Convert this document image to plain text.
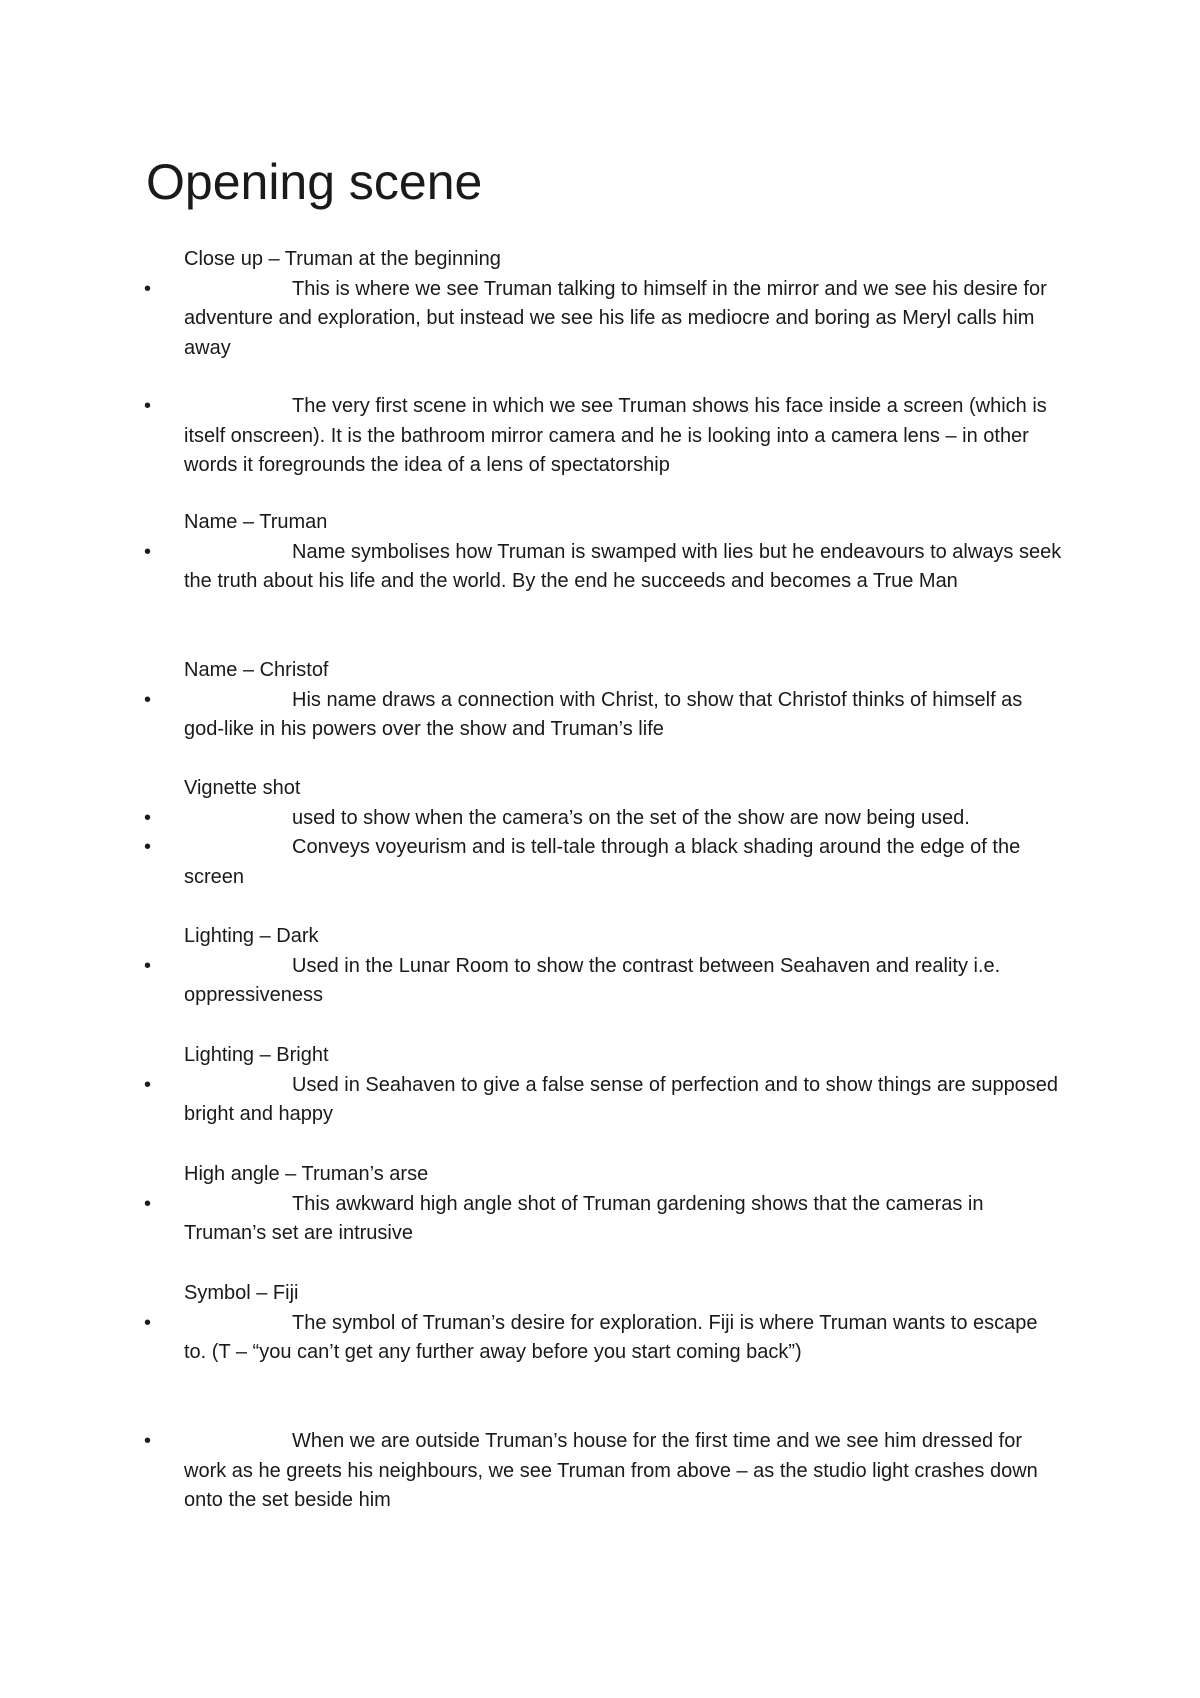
Opening scene
Close up – Truman at the beginning
•	This is where we see Truman talking to himself in the mirror and we see his desire for adventure and exploration, but instead we see his life as mediocre and boring as Meryl calls him away
•	The very first scene in which we see Truman shows his face inside a screen (which is itself onscreen). It is the bathroom mirror camera and he is looking into a camera lens – in other words it foregrounds the idea of a lens of spectatorship
Name – Truman
•	Name symbolises how Truman is swamped with lies but he endeavours to always seek the truth about his life and the world. By the end he succeeds and becomes a True Man
Name – Christof
•	His name draws a connection with Christ, to show that Christof thinks of himself as god-like in his powers over the show and Truman’s life
Vignette shot
•	used to show when the camera’s on the set of the show are now being used.
•	Conveys voyeurism and is tell-tale through a black shading around the edge of the screen
Lighting – Dark
•	Used in the Lunar Room to show the contrast between Seahaven and reality i.e. oppressiveness
Lighting – Bright
•	Used in Seahaven to give a false sense of perfection and to show things are supposed bright and happy
High angle – Truman’s arse
•	This awkward high angle shot of Truman gardening shows that the cameras in Truman’s set are intrusive
Symbol – Fiji
•	The symbol of Truman’s desire for exploration. Fiji is where Truman wants to escape to. (T – “you can’t get any further away before you start coming back”)
•	When we are outside Truman’s house for the first time and we see him dressed for work as he greets his neighbours, we see Truman from above – as the studio light crashes down onto the set beside him
